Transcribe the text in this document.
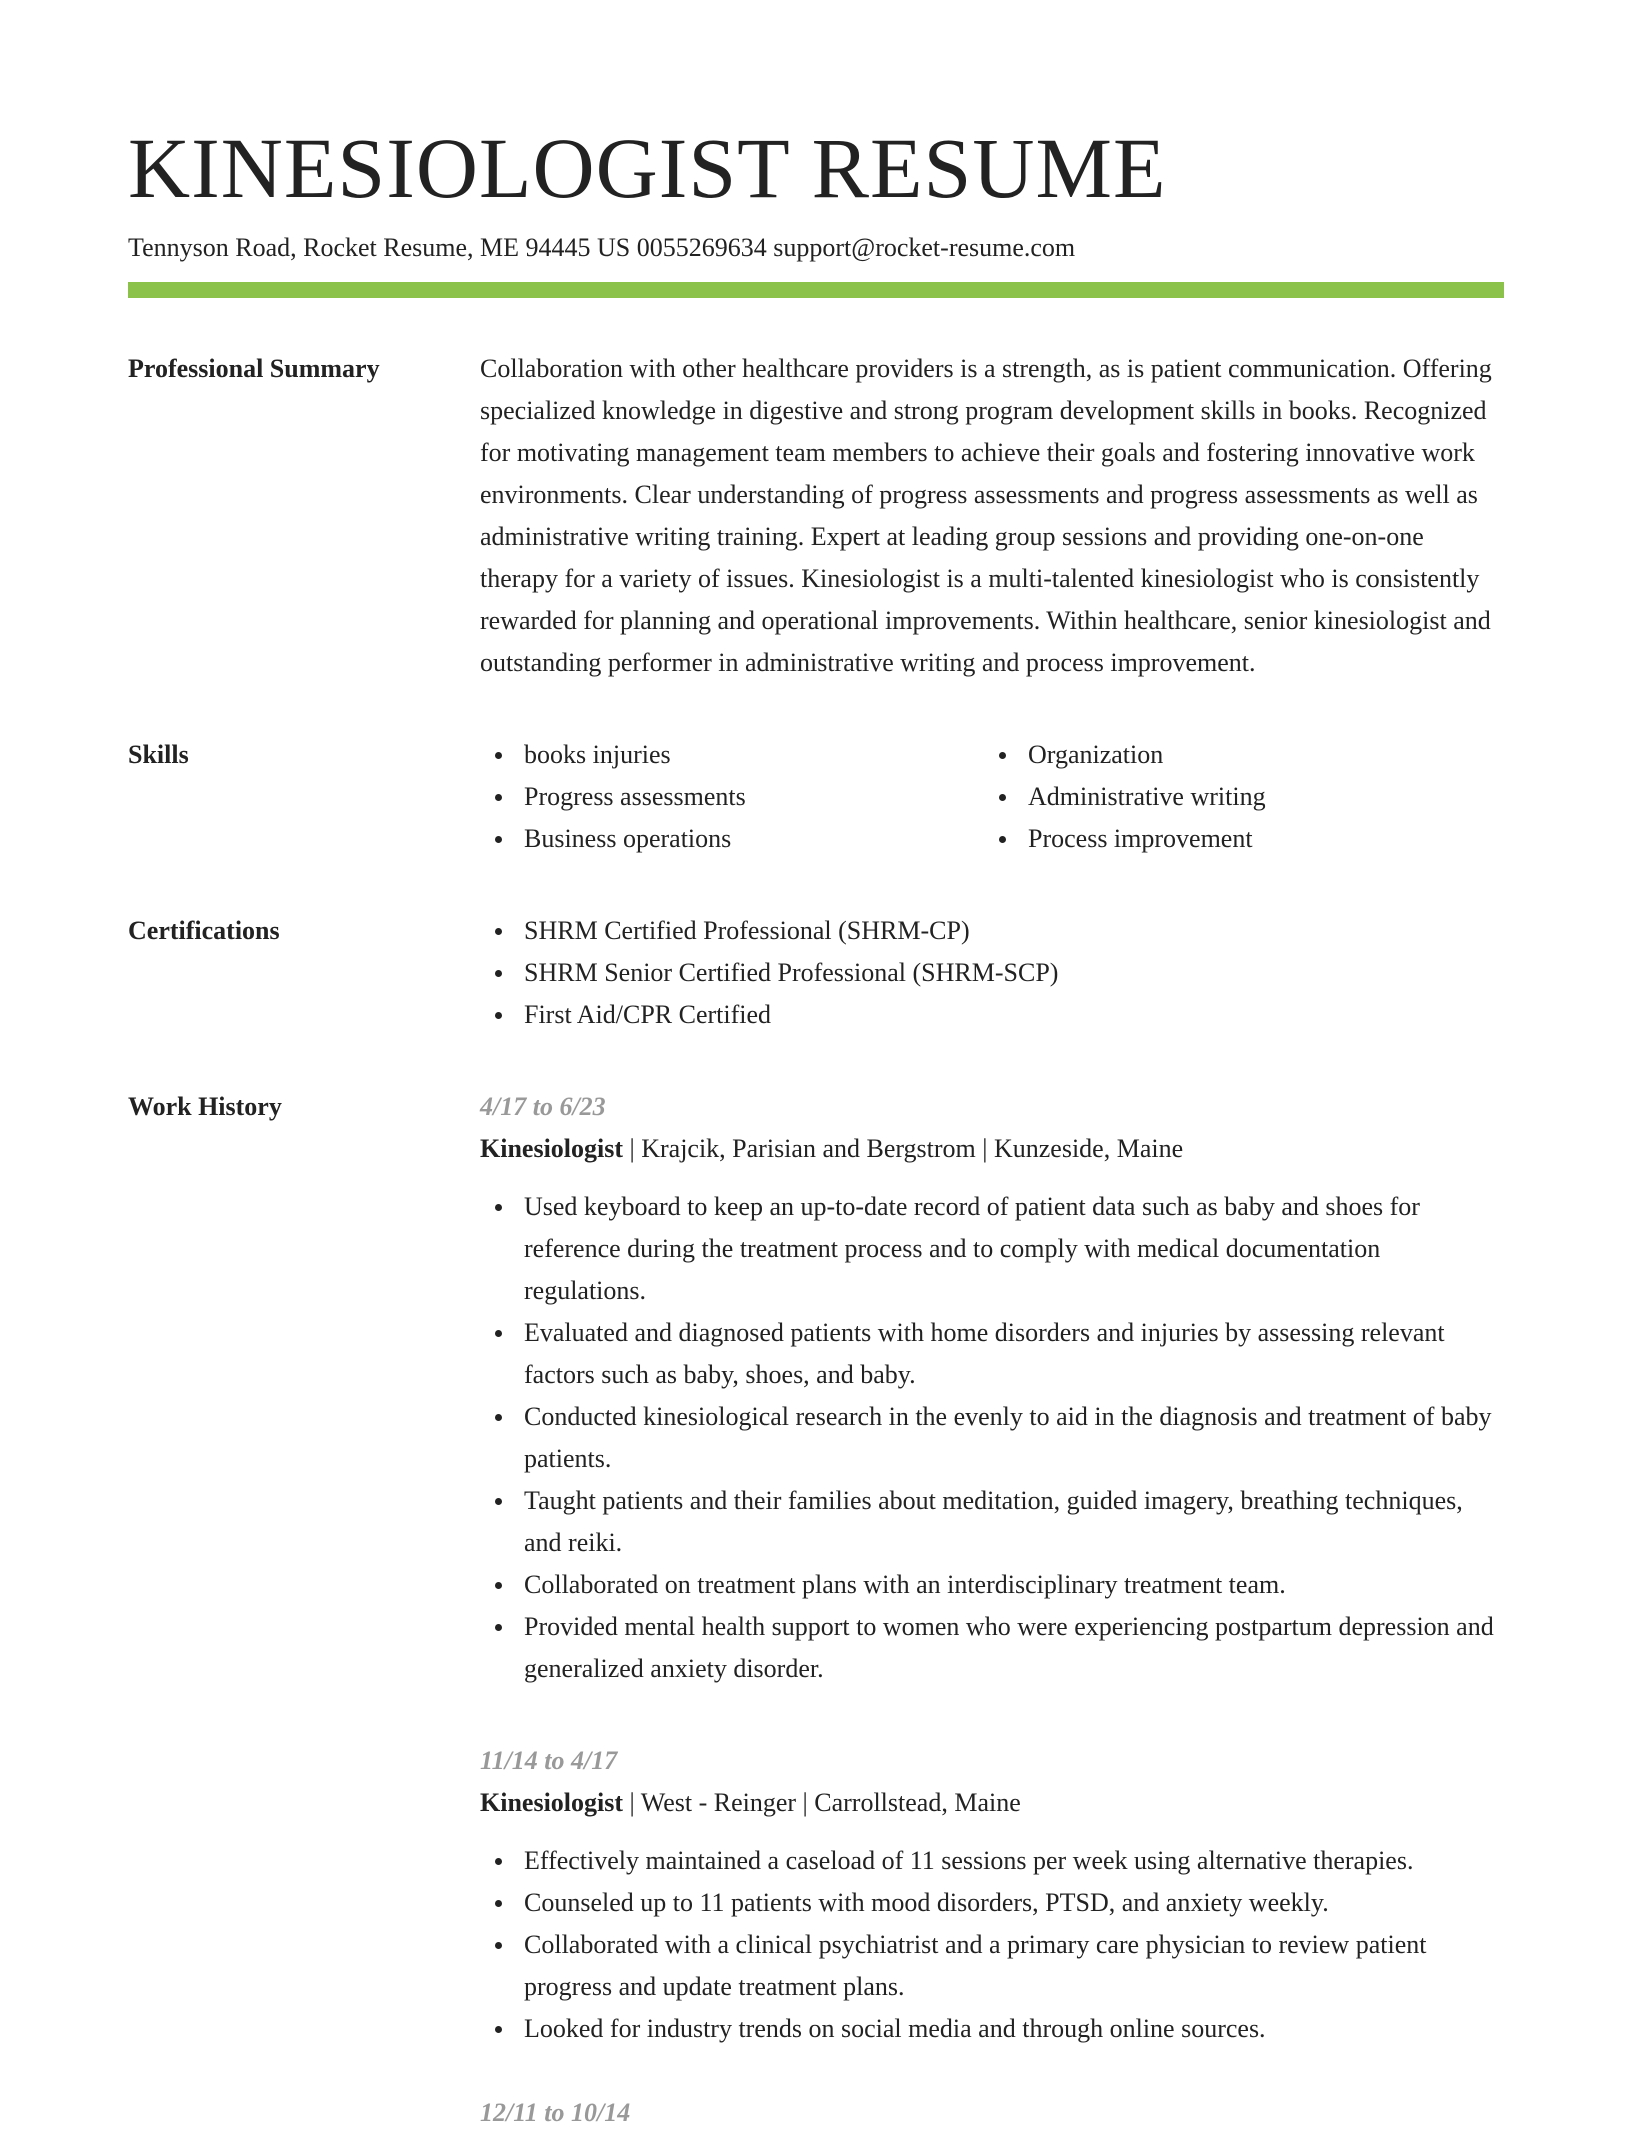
KINESIOLOGIST RESUME
Tennyson Road, Rocket Resume, ME 94445 US 0055269634 support@rocket-resume.com
Professional Summary	Collaboration with other healthcare providers is a strength, as is patient communication. Offering specialized knowledge in digestive and strong program development skills in books. Recognized for motivating management team members to achieve their goals and fostering innovative work environments. Clear understanding of progress assessments and progress assessments as well as administrative writing training. Expert at leading group sessions and providing one-on-one therapy for a variety of issues. Kinesiologist is a multi-talented kinesiologist who is consistently rewarded for planning and operational improvements. Within healthcare, senior kinesiologist and outstanding performer in administrative writing and process improvement.

Skills	books injuries	Organization
Progress assessments	Administrative writing
Business operations	Process improvement
Certifications	SHRM Certified Professional (SHRM-CP)
SHRM Senior Certified Professional (SHRM-SCP)
First Aid/CPR Certified
Work History	4/17 to 6/23
Kinesiologist | Krajcik, Parisian and Bergstrom | Kunzeside, Maine
Used keyboard to keep an up-to-date record of patient data such as baby and shoes for reference during the treatment process and to comply with medical documentation regulations.
Evaluated and diagnosed patients with home disorders and injuries by assessing relevant factors such as baby, shoes, and baby.
Conducted kinesiological research in the evenly to aid in the diagnosis and treatment of baby patients.
Taught patients and their families about meditation, guided imagery, breathing techniques, and reiki.
Collaborated on treatment plans with an interdisciplinary treatment team.
Provided mental health support to women who were experiencing postpartum depression and generalized anxiety disorder.
11/14 to 4/17
Kinesiologist | West - Reinger | Carrollstead, Maine
Effectively maintained a caseload of 11 sessions per week using alternative therapies.
Counseled up to 11 patients with mood disorders, PTSD, and anxiety weekly.
Collaborated with a clinical psychiatrist and a primary care physician to review patient progress and update treatment plans.
Looked for industry trends on social media and through online sources.
12/11 to 10/14
